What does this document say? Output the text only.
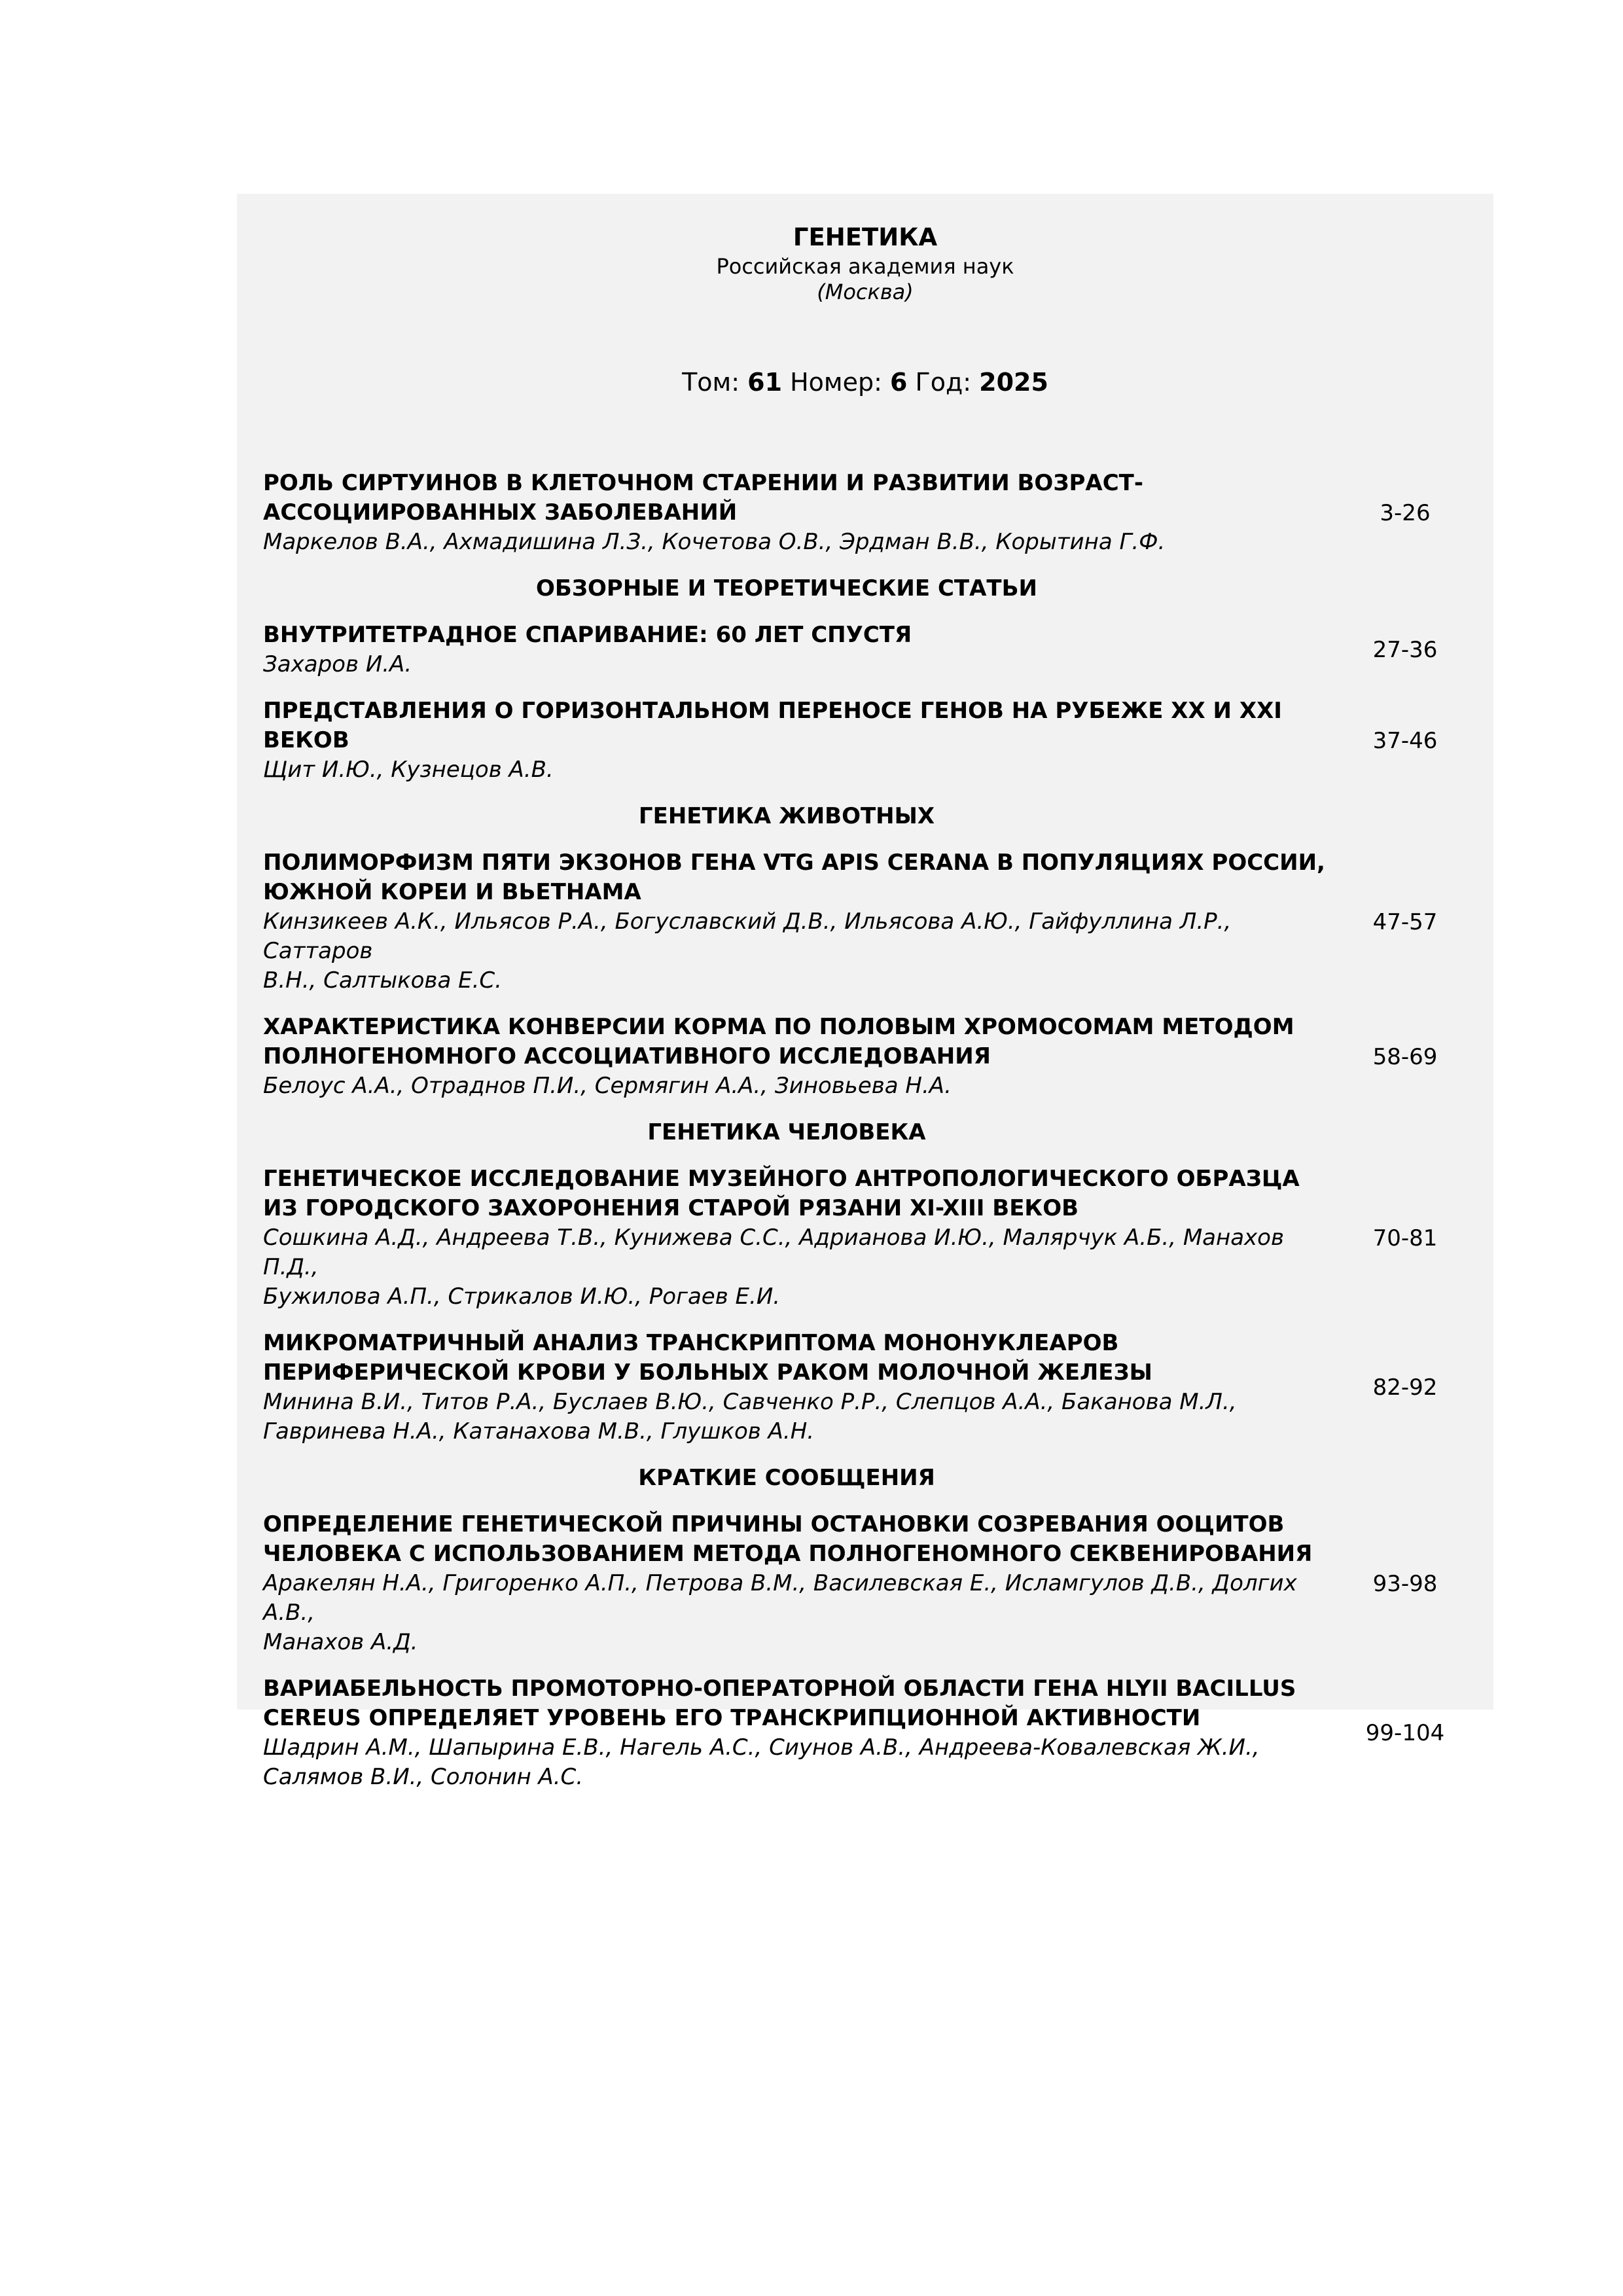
ГЕНЕТИКА
Российская академия наук
(Москва)
Том: 61 Номер: 6 Год: 2025
РОЛЬ СИРТУИНОВ В КЛЕТОЧНОМ СТАРЕНИИ И РАЗВИТИИ ВОЗРАСТ-
АССОЦИИРОВАННЫХ ЗАБОЛЕВАНИЙ
Маркелов В.А., Ахмадишина Л.З., Кочетова О.В., Эрдман В.В., Корытина Г.Ф.
3-26
ОБЗОРНЫЕ И ТЕОРЕТИЧЕСКИЕ СТАТЬИ
ВНУТРИТЕТРАДНОЕ СПАРИВАНИЕ: 60 ЛЕТ СПУСТЯ
Захаров И.А.
27-36
ПРЕДСТАВЛЕНИЯ О ГОРИЗОНТАЛЬНОМ ПЕРЕНОСЕ ГЕНОВ НА РУБЕЖЕ XX И XXI
ВЕКОВ
Щит И.Ю., Кузнецов А.В.
37-46
ГЕНЕТИКА ЖИВОТНЫХ
ПОЛИМОРФИЗМ ПЯТИ ЭКЗОНОВ ГЕНА VTG APIS CERANA В ПОПУЛЯЦИЯХ РОССИИ,
ЮЖНОЙ КОРЕИ И ВЬЕТНАМА
Кинзикеев А.К., Ильясов Р.А., Богуславский Д.В., Ильясова А.Ю., Гайфуллина Л.Р., Саттаров
В.Н., Салтыкова Е.С.
47-57
ХАРАКТЕРИСТИКА КОНВЕРСИИ КОРМА ПО ПОЛОВЫМ ХРОМОСОМАМ МЕТОДОМ
ПОЛНОГЕНОМНОГО АССОЦИАТИВНОГО ИССЛЕДОВАНИЯ
Белоус А.А., Отраднов П.И., Сермягин А.А., Зиновьева Н.А.
58-69
ГЕНЕТИКА ЧЕЛОВЕКА
ГЕНЕТИЧЕСКОЕ ИССЛЕДОВАНИЕ МУЗЕЙНОГО АНТРОПОЛОГИЧЕСКОГО ОБРАЗЦА
ИЗ ГОРОДСКОГО ЗАХОРОНЕНИЯ СТАРОЙ РЯЗАНИ XI-XIII ВЕКОВ
Сошкина А.Д., Андреева Т.В., Кунижева С.С., Адрианова И.Ю., Малярчук А.Б., Манахов П.Д.,
Бужилова А.П., Стрикалов И.Ю., Рогаев Е.И.
70-81
МИКРОМАТРИЧНЫЙ АНАЛИЗ ТРАНСКРИПТОМА МОНОНУКЛЕАРОВ
ПЕРИФЕРИЧЕСКОЙ КРОВИ У БОЛЬНЫХ РАКОМ МОЛОЧНОЙ ЖЕЛЕЗЫ
Минина В.И., Титов Р.А., Буслаев В.Ю., Савченко Р.Р., Слепцов А.А., Баканова М.Л.,
Гавринева Н.А., Катанахова М.В., Глушков А.Н.
82-92
КРАТКИЕ СООБЩЕНИЯ
ОПРЕДЕЛЕНИЕ ГЕНЕТИЧЕСКОЙ ПРИЧИНЫ ОСТАНОВКИ СОЗРЕВАНИЯ ООЦИТОВ
ЧЕЛОВЕКА С ИСПОЛЬЗОВАНИЕМ МЕТОДА ПОЛНОГЕНОМНОГО СЕКВЕНИРОВАНИЯ
Аракелян Н.А., Григоренко А.П., Петрова В.М., Василевская Е., Исламгулов Д.В., Долгих А.В.,
Манахов А.Д.
93-98
ВАРИАБЕЛЬНОСТЬ ПРОМОТОРНО-ОПЕРАТОРНОЙ ОБЛАСТИ ГЕНА HLYII BACILLUS
CEREUS ОПРЕДЕЛЯЕТ УРОВЕНЬ ЕГО ТРАНСКРИПЦИОННОЙ АКТИВНОСТИ
Шадрин А.М., Шапырина Е.В., Нагель А.С., Сиунов А.В., Андреева-Ковалевская Ж.И.,
Салямов В.И., Солонин А.С.
99-104
